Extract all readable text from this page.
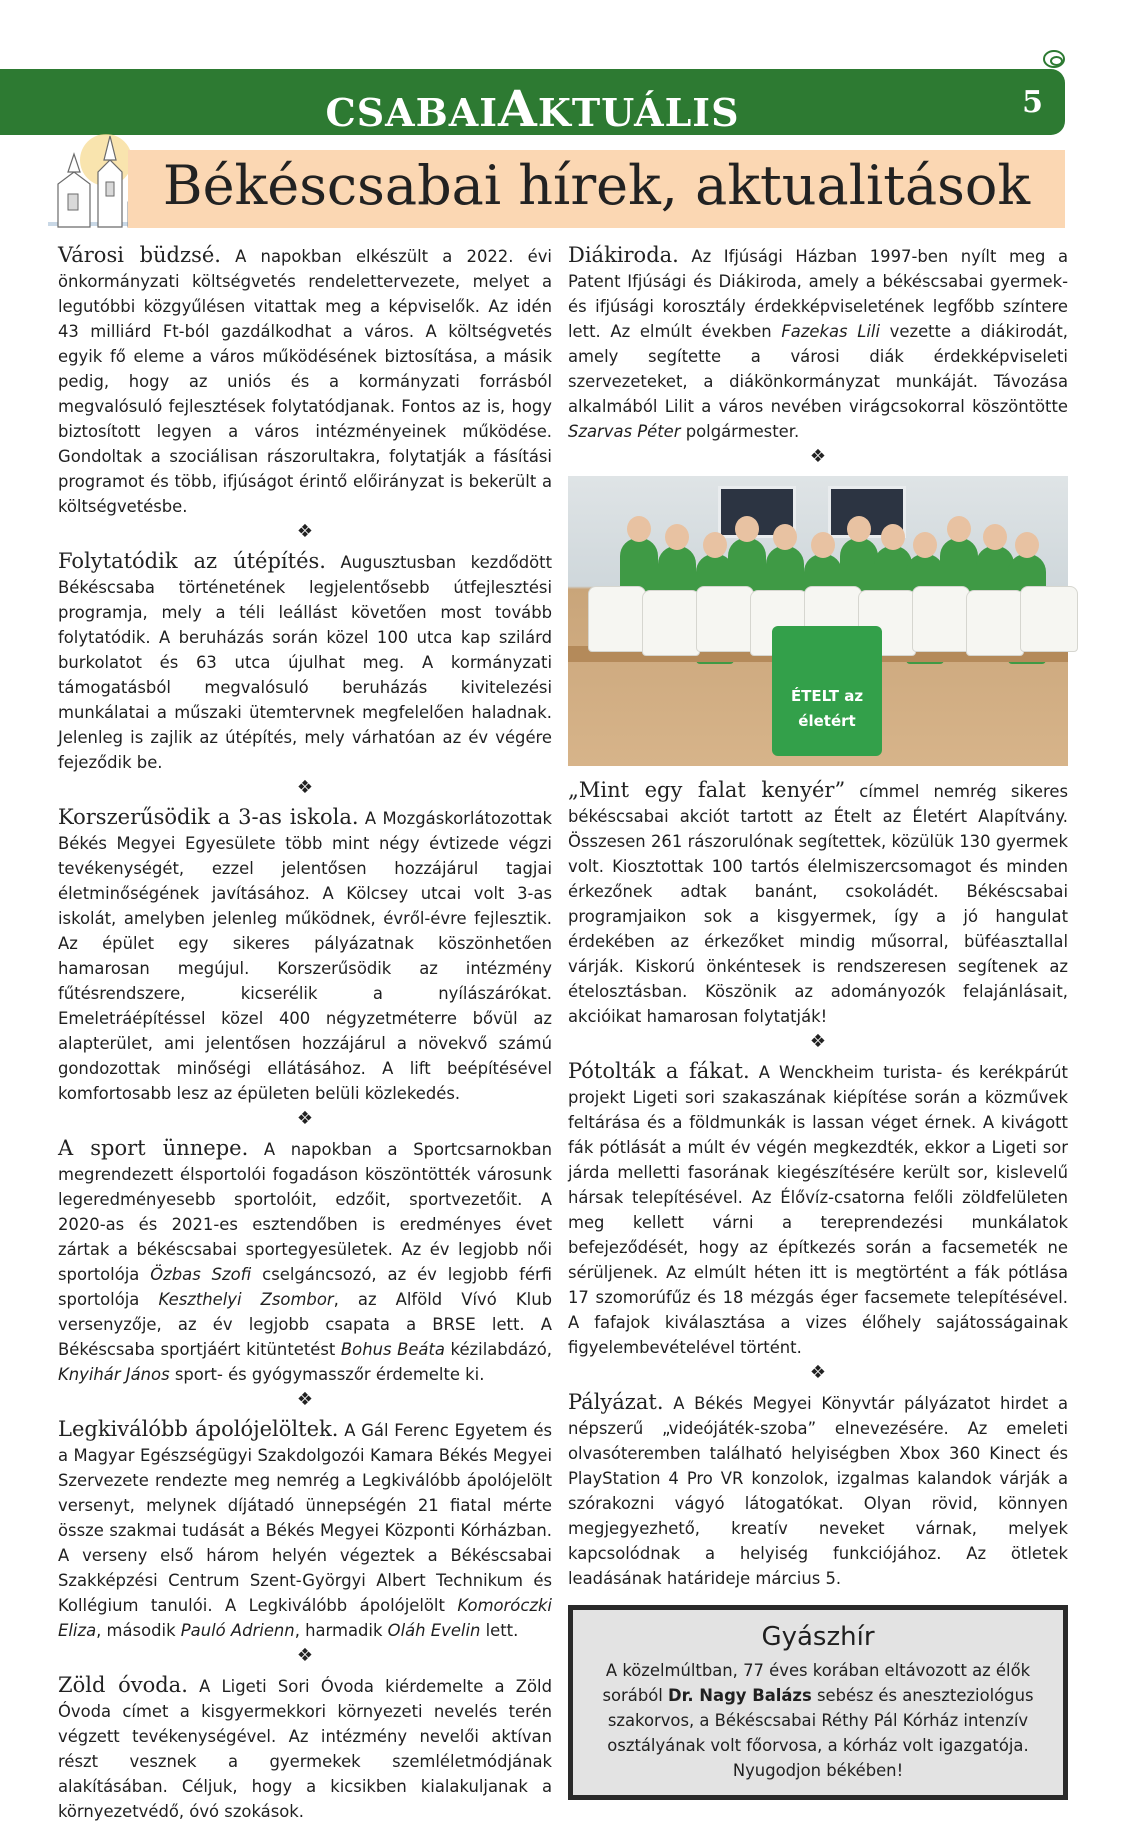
CSABAIAKTUÁLIS	5
Békéscsabai hírek, aktualitások

Városi büdzsé. A napokban elkészült a 2022. évi önkormányzati költségvetés rendelettervezete, melyet a legutóbbi közgyűlésen vitattak meg a képviselők. Az idén 43 milliárd Ft-ból gazdálkodhat a város. A költségvetés egyik fő eleme a város működésének biztosítása, a másik pedig, hogy az uniós és a kormányzati forrásból megvalósuló fejlesztések folytatódjanak. Fontos az is, hogy biztosított legyen a város intézményeinek működése. Gondoltak a szociálisan rászorultakra, folytatják a fásítási programot és több, ifjúságot érintő előirányzat is bekerült a költségvetésbe.

❖

Folytatódik az útépítés. Augusztusban kezdődött Békéscsaba történetének legjelentősebb útfejlesztési programja, mely a téli leállást követően most tovább folytatódik. A beruházás során közel 100 utca kap szilárd burkolatot és 63 utca újulhat meg. A kormányzati támogatásból megvalósuló beruházás kivitelezési munkálatai a műszaki ütemtervnek megfelelően haladnak. Jelenleg is zajlik az útépítés, mely várhatóan az év végére fejeződik be.

❖

Korszerűsödik a 3-as iskola. A Mozgáskorlátozottak Békés Megyei Egyesülete több mint négy évtizede végzi tevékenységét, ezzel jelentősen hozzájárul tagjai életminőségének javításához. A Kölcsey utcai volt 3-as iskolát, amelyben jelenleg működnek, évről-évre fejlesztik. Az épület egy sikeres pályázatnak köszönhetően hamarosan megújul. Korszerűsödik az intézmény fűtésrendszere, kicserélik a nyílászárókat. Emeletráépítéssel közel 400 négyzetméterre bővül az alapterület, ami jelentősen hozzájárul a növekvő számú gondozottak minőségi ellátásához. A lift beépítésével komfortosabb lesz az épületen belüli közlekedés.

❖

A sport ünnepe. A napokban a Sportcsarnokban megrendezett élsportolói fogadáson köszöntötték városunk legeredményesebb sportolóit, edzőit, sportvezetőit. A 2020-as és 2021-es esztendőben is eredményes évet zártak a békéscsabai sportegyesületek. Az év legjobb női sportolója Özbas Szofi cselgáncsozó, az év legjobb férfi sportolója Keszthelyi Zsombor, az Alföld Vívó Klub versenyzője, az év legjobb csapata a BRSE lett. A Békéscsaba sportjáért kitüntetést Bohus Beáta kézilabdázó, Knyihár János sport- és gyógymasszőr érdemelte ki.

❖

Legkiválóbb ápolójelöltek. A Gál Ferenc Egyetem és a Magyar Egészségügyi Szakdolgozói Kamara Békés Megyei Szervezete rendezte meg nemrég a Legkiválóbb ápolójelölt versenyt, melynek díjátadó ünnepségén 21 fiatal mérte össze szakmai tudását a Békés Megyei Központi Kórházban. A verseny első három helyén végeztek a Békéscsabai Szakképzési Centrum Szent-Györgyi Albert Technikum és Kollégium tanulói. A Legkiválóbb ápolójelölt Komoróczki Eliza, második Pauló Adrienn, harmadik Oláh Evelin lett.

❖

Zöld óvoda. A Ligeti Sori Óvoda kiérdemelte a Zöld Óvoda címet a kisgyermekkori környezeti nevelés terén végzett tevékenységével. Az intézmény nevelői aktívan részt vesznek a gyermekek szemléletmódjának alakításában. Céljuk, hogy a kicsikben kialakuljanak a környezetvédő, óvó szokások.

Diákiroda. Az Ifjúsági Házban 1997-ben nyílt meg a Patent Ifjúsági és Diákiroda, amely a békéscsabai gyermek- és ifjúsági korosztály érdekképviseletének legfőbb színtere lett. Az elmúlt években Fazekas Lili vezette a diákirodát, amely segítette a városi diák érdekképviseleti szervezeteket, a diákönkormányzat munkáját. Távozása alkalmából Lilit a város nevében virágcsokorral köszöntötte Szarvas Péter polgármester.

❖
ÉTELT az életért

„Mint egy falat kenyér” címmel nemrég sikeres békéscsabai akciót tartott az Ételt az Életért Alapítvány. Összesen 261 rászorulónak segítettek, közülük 130 gyermek volt. Kiosztottak 100 tartós élelmiszercsomagot és minden érkezőnek adtak banánt, csokoládét. Békéscsabai programjaikon sok a kisgyermek, így a jó hangulat érdekében az érkezőket mindig műsorral, büféasztallal várják. Kiskorú önkéntesek is rendszeresen segítenek az ételosztásban. Köszönik az adományozók felajánlásait, akcióikat hamarosan folytatják!

❖

Pótolták a fákat. A Wenckheim turista- és kerékpárút projekt Ligeti sori szakaszának kiépítése során a közművek feltárása és a földmunkák is lassan véget érnek. A kivágott fák pótlását a múlt év végén megkezdték, ekkor a Ligeti sor járda melletti fasorának kiegészítésére került sor, kislevelű hársak telepítésével. Az Élővíz-csatorna felőli zöldfelületen meg kellett várni a tereprendezési munkálatok befejeződését, hogy az építkezés során a facsemeték ne sérüljenek. Az elmúlt héten itt is megtörtént a fák pótlása 17 szomorúfűz és 18 mézgás éger facsemete telepítésével. A fafajok kiválasztása a vizes élőhely sajátosságainak figyelembevételével történt.

❖

Pályázat. A Békés Megyei Könyvtár pályázatot hirdet a népszerű „videójáték-szoba” elnevezésére. Az emeleti olvasóteremben található helyiségben Xbox 360 Kinect és PlayStation 4 Pro VR konzolok, izgalmas kalandok várják a szórakozni vágyó látogatókat. Olyan rövid, könnyen megjegyezhető, kreatív neveket várnak, melyek kapcsolódnak a helyiség funkciójához. Az ötletek leadásának határideje március 5.

Gyászhír
A közelmúltban, 77 éves korában eltávozott az élők sorából Dr. Nagy Balázs sebész és aneszteziológus szakorvos, a Békéscsabai Réthy Pál Kórház intenzív osztályának volt főorvosa, a kórház volt igazgatója. Nyugodjon békében!
